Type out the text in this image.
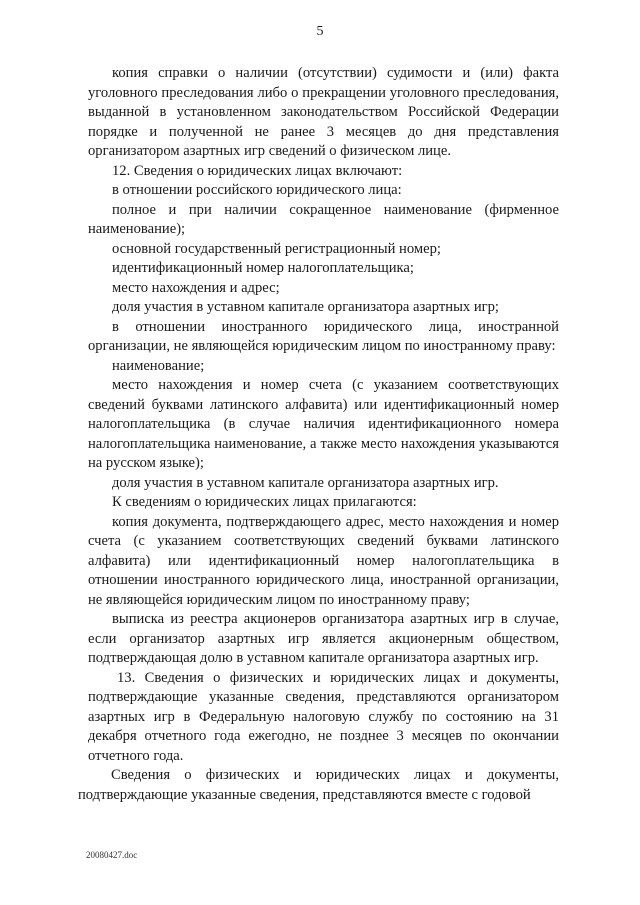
5

копия справки о наличии (отсутствии) судимости и (или) факта уголовного преследования либо о прекращении уголовного преследования, выданной в установленном законодательством Российской Федерации порядке и полученной не ранее 3 месяцев до дня представления организатором азартных игр сведений о физическом лице.

12. Сведения о юридических лицах включают:

в отношении российского юридического лица:

полное и при наличии сокращенное наименование (фирменное наименование);

основной государственный регистрационный номер;

идентификационный номер налогоплательщика;

место нахождения и адрес;

доля участия в уставном капитале организатора азартных игр;

в отношении иностранного юридического лица, иностранной организации, не являющейся юридическим лицом по иностранному праву:

наименование;

место нахождения и номер счета (с указанием соответствующих сведений буквами латинского алфавита) или идентификационный номер налогоплательщика (в случае наличия идентификационного номера налогоплательщика наименование, а также место нахождения указываются на русском языке);

доля участия в уставном капитале организатора азартных игр.

К сведениям о юридических лицах прилагаются:

копия документа, подтверждающего адрес, место нахождения и номер счета (с указанием соответствующих сведений буквами латинского алфавита) или идентификационный номер налогоплательщика в отношении иностранного юридического лица, иностранной организации, не являющейся юридическим лицом по иностранному праву;

выписка из реестра акционеров организатора азартных игр в случае, если организатор азартных игр является акционерным обществом, подтверждающая долю в уставном капитале организатора азартных игр.

13. Сведения о физических и юридических лицах и документы, подтверждающие указанные сведения, представляются организатором азартных игр в Федеральную налоговую службу по состоянию на 31 декабря отчетного года ежегодно, не позднее 3 месяцев по окончании отчетного года.

Сведения о физических и юридических лицах и документы, подтверждающие указанные сведения, представляются вместе с годовой

20080427.doc
